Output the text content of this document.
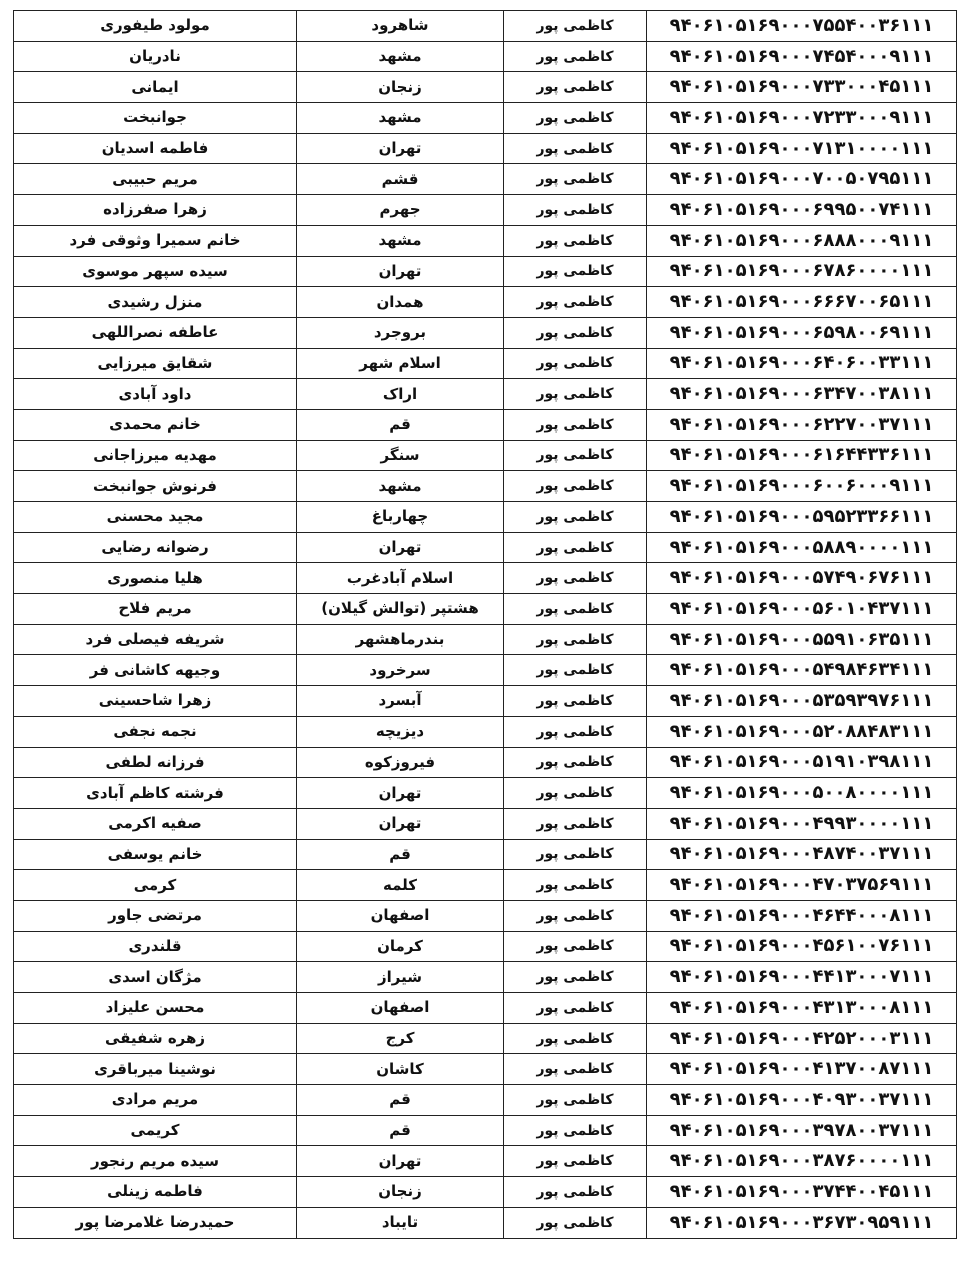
۹۴۰۶۱۰۵۱۶۹۰۰۰۷۵۵۴۰۰۳۶۱۱۱	کاظمی پور	شاهرود	مولود طیفوری
۹۴۰۶۱۰۵۱۶۹۰۰۰۷۴۵۴۰۰۰۹۱۱۱	کاظمی پور	مشهد	نادریان
۹۴۰۶۱۰۵۱۶۹۰۰۰۷۳۳۰۰۰۴۵۱۱۱	کاظمی پور	زنجان	ایمانی
۹۴۰۶۱۰۵۱۶۹۰۰۰۷۲۳۳۰۰۰۹۱۱۱	کاظمی پور	مشهد	جوانبخت
۹۴۰۶۱۰۵۱۶۹۰۰۰۷۱۳۱۰۰۰۰۱۱۱	کاظمی پور	تهران	فاطمه اسدیان
۹۴۰۶۱۰۵۱۶۹۰۰۰۷۰۰۵۰۷۹۵۱۱۱	کاظمی پور	قشم	مریم حبیبی
۹۴۰۶۱۰۵۱۶۹۰۰۰۶۹۹۵۰۰۷۴۱۱۱	کاظمی پور	جهرم	زهرا صفرزاده
۹۴۰۶۱۰۵۱۶۹۰۰۰۶۸۸۸۰۰۰۹۱۱۱	کاظمی پور	مشهد	خانم سمیرا وثوقی فرد
۹۴۰۶۱۰۵۱۶۹۰۰۰۶۷۸۶۰۰۰۰۱۱۱	کاظمی پور	تهران	سیده سپهر موسوی
۹۴۰۶۱۰۵۱۶۹۰۰۰۶۶۶۷۰۰۶۵۱۱۱	کاظمی پور	همدان	منزل رشیدی
۹۴۰۶۱۰۵۱۶۹۰۰۰۶۵۹۸۰۰۶۹۱۱۱	کاظمی پور	بروجرد	عاطفه نصراللهی
۹۴۰۶۱۰۵۱۶۹۰۰۰۶۴۰۶۰۰۳۳۱۱۱	کاظمی پور	اسلام شهر	شقایق میرزایی
۹۴۰۶۱۰۵۱۶۹۰۰۰۶۳۴۷۰۰۳۸۱۱۱	کاظمی پور	اراک	داود آبادی
۹۴۰۶۱۰۵۱۶۹۰۰۰۶۲۲۷۰۰۳۷۱۱۱	کاظمی پور	قم	خانم محمدی
۹۴۰۶۱۰۵۱۶۹۰۰۰۶۱۶۴۴۳۳۶۱۱۱	کاظمی پور	سنگر	مهدیه میرزاجانی
۹۴۰۶۱۰۵۱۶۹۰۰۰۶۰۰۶۰۰۰۹۱۱۱	کاظمی پور	مشهد	فرنوش جوانبخت
۹۴۰۶۱۰۵۱۶۹۰۰۰۵۹۵۲۳۳۶۶۱۱۱	کاظمی پور	چهارباغ	مجید محسنی
۹۴۰۶۱۰۵۱۶۹۰۰۰۵۸۸۹۰۰۰۰۱۱۱	کاظمی پور	تهران	رضوانه رضایی
۹۴۰۶۱۰۵۱۶۹۰۰۰۵۷۴۹۰۶۷۶۱۱۱	کاظمی پور	اسلام آبادغرب	هلیا منصوری
۹۴۰۶۱۰۵۱۶۹۰۰۰۵۶۰۱۰۴۳۷۱۱۱	کاظمی پور	هشتپر (توالش گیلان)	مریم فلاح
۹۴۰۶۱۰۵۱۶۹۰۰۰۵۵۹۱۰۶۳۵۱۱۱	کاظمی پور	بندرماهشهر	شریفه فیصلی فرد
۹۴۰۶۱۰۵۱۶۹۰۰۰۵۴۹۸۴۶۳۴۱۱۱	کاظمی پور	سرخرود	وجیهه کاشانی فر
۹۴۰۶۱۰۵۱۶۹۰۰۰۵۳۵۹۳۹۷۶۱۱۱	کاظمی پور	آبسرد	زهرا شاحسینی
۹۴۰۶۱۰۵۱۶۹۰۰۰۵۲۰۸۸۴۸۳۱۱۱	کاظمی پور	دیزیچه	نجمه نجفی
۹۴۰۶۱۰۵۱۶۹۰۰۰۵۱۹۱۰۳۹۸۱۱۱	کاظمی پور	فیروزکوه	فرزانه لطفی
۹۴۰۶۱۰۵۱۶۹۰۰۰۵۰۰۸۰۰۰۰۱۱۱	کاظمی پور	تهران	فرشته کاظم آبادی
۹۴۰۶۱۰۵۱۶۹۰۰۰۴۹۹۳۰۰۰۰۱۱۱	کاظمی پور	تهران	صفیه اکرمی
۹۴۰۶۱۰۵۱۶۹۰۰۰۴۸۷۴۰۰۳۷۱۱۱	کاظمی پور	قم	خانم یوسفی
۹۴۰۶۱۰۵۱۶۹۰۰۰۴۷۰۳۷۵۶۹۱۱۱	کاظمی پور	کلمه	کرمی
۹۴۰۶۱۰۵۱۶۹۰۰۰۴۶۴۴۰۰۰۸۱۱۱	کاظمی پور	اصفهان	مرتضی جاور
۹۴۰۶۱۰۵۱۶۹۰۰۰۴۵۶۱۰۰۷۶۱۱۱	کاظمی پور	کرمان	قلندری
۹۴۰۶۱۰۵۱۶۹۰۰۰۴۴۱۳۰۰۰۷۱۱۱	کاظمی پور	شیراز	مژگان اسدی
۹۴۰۶۱۰۵۱۶۹۰۰۰۴۳۱۳۰۰۰۸۱۱۱	کاظمی پور	اصفهان	محسن علیزاد
۹۴۰۶۱۰۵۱۶۹۰۰۰۴۲۵۲۰۰۰۳۱۱۱	کاظمی پور	کرج	زهره شفیقی
۹۴۰۶۱۰۵۱۶۹۰۰۰۴۱۳۷۰۰۸۷۱۱۱	کاظمی پور	کاشان	نوشینا میرباقری
۹۴۰۶۱۰۵۱۶۹۰۰۰۴۰۹۳۰۰۳۷۱۱۱	کاظمی پور	قم	مریم مرادی
۹۴۰۶۱۰۵۱۶۹۰۰۰۳۹۷۸۰۰۳۷۱۱۱	کاظمی پور	قم	کریمی
۹۴۰۶۱۰۵۱۶۹۰۰۰۳۸۷۶۰۰۰۰۱۱۱	کاظمی پور	تهران	سیده مریم رنجور
۹۴۰۶۱۰۵۱۶۹۰۰۰۳۷۴۴۰۰۴۵۱۱۱	کاظمی پور	زنجان	فاطمه زینلی
۹۴۰۶۱۰۵۱۶۹۰۰۰۳۶۷۳۰۹۵۹۱۱۱	کاظمی پور	تایباد	حمیدرضا غلامرضا پور
